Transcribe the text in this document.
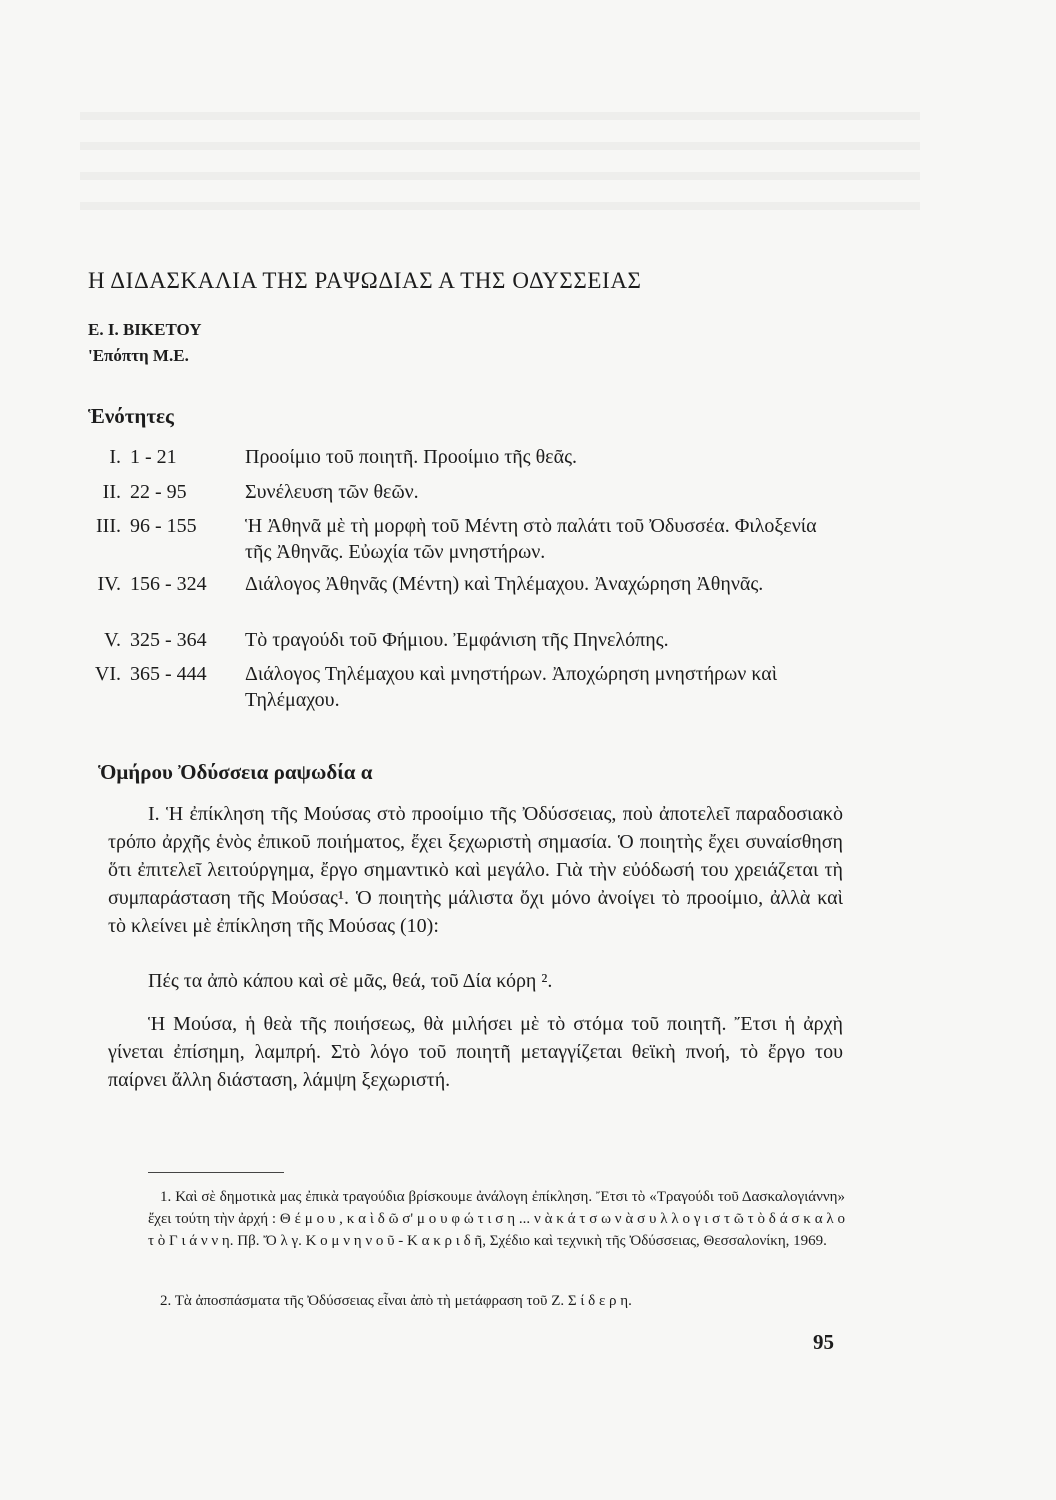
Η ΔΙΔΑΣΚΑΛΙΑ ΤΗΣ ΡΑΨΩΔΙΑΣ Α ΤΗΣ ΟΔΥΣΣΕΙΑΣ
Ε. Ι. ΒΙΚΕΤΟΥ
'Επόπτη Μ.Ε.
Ἑνότητες
Ι. 1 - 21	Προοίμιο τοῦ ποιητῆ. Προοίμιο τῆς θεᾶς.
ΙΙ. 22 - 95	Συνέλευση τῶν θεῶν.
ΙΙΙ. 96 - 155 Ἡ Ἀθηνᾶ μὲ τὴ μορφὴ τοῦ Μέντη στὸ παλάτι τοῦ Ὀδυσσέα. Φιλοξενία τῆς Ἀθηνᾶς. Εὐωχία τῶν μνηστήρων.
IV. 156 - 324 Διάλογος Ἀθηνᾶς (Μέντη) καὶ Τηλέμαχου. Ἀναχώρηση Ἀθηνᾶς.
V. 325 - 364 Τὸ τραγούδι τοῦ Φήμιου. Ἐμφάνιση τῆς Πηνελόπης.
VI. 365 - 444 Διάλογος Τηλέμαχου καὶ μνηστήρων. Ἀποχώρηση μνηστήρων καὶ Τηλέμαχου.
Ὁμήρου Ὀδύσσεια ραψωδία α
Ι. Ἡ ἐπίκληση τῆς Μούσας στὸ προοίμιο τῆς Ὀδύσσειας, ποὺ ἀποτελεῖ παραδοσιακὸ τρόπο ἀρχῆς ἑνὸς ἐπικοῦ ποιήματος, ἔχει ξεχωριστὴ σημασία. Ὁ ποιητὴς ἔχει συναίσθηση ὅτι ἐπιτελεῖ λειτούργημα, ἔργο σημαντικὸ καὶ μεγάλο. Γιὰ τὴν εὐόδωσή του χρειάζεται τὴ συμπαράσταση τῆς Μούσας¹. Ὁ ποιητὴς μάλιστα ὄχι μόνο ἀνοίγει τὸ προοίμιο, ἀλλὰ καὶ τὸ κλείνει μὲ ἐπίκληση τῆς Μούσας (10):
Πές τα ἀπὸ κάπου καὶ σὲ μᾶς, θεά, τοῦ Δία κόρη ².
Ἡ Μούσα, ἡ θεὰ τῆς ποιήσεως, θὰ μιλήσει μὲ τὸ στόμα τοῦ ποιητῆ. Ἔτσι ἡ ἀρχὴ γίνεται ἐπίσημη, λαμπρή. Στὸ λόγο τοῦ ποιητῆ μεταγγίζεται θεϊκὴ πνοή, τὸ ἔργο του παίρνει ἄλλη διάσταση, λάμψη ξεχωριστή.
1. Καὶ σὲ δημοτικὰ μας ἐπικὰ τραγούδια βρίσκουμε ἀνάλογη ἐπίκληση. Ἔτσι τὸ «Τραγούδι τοῦ Δασκαλογιάννη» ἔχει τούτη τὴν ἀρχή : Θ έ μ ο υ , κ α ὶ δ ῶ σ' μ ο υ φ ώ τ ι σ η ... ν ὰ κ ά τ σ ω ν ὰ σ υ λ λ ο γ ι σ τ ῶ τ ὸ δ ά σ κ α λ ο τ ὸ Γ ι ά ν ν η. Πβ. Ὄ λ γ. Κ ο μ ν η ν ο ῦ - Κ α κ ρ ι δ ῆ, Σχέδιο καὶ τεχνικὴ τῆς Ὀδύσσειας, Θεσσαλονίκη, 1969.
2. Τὰ ἀποσπάσματα τῆς Ὀδύσσειας εἶναι ἀπὸ τὴ μετάφραση τοῦ Ζ. Σ ί δ ε ρ η.
95
